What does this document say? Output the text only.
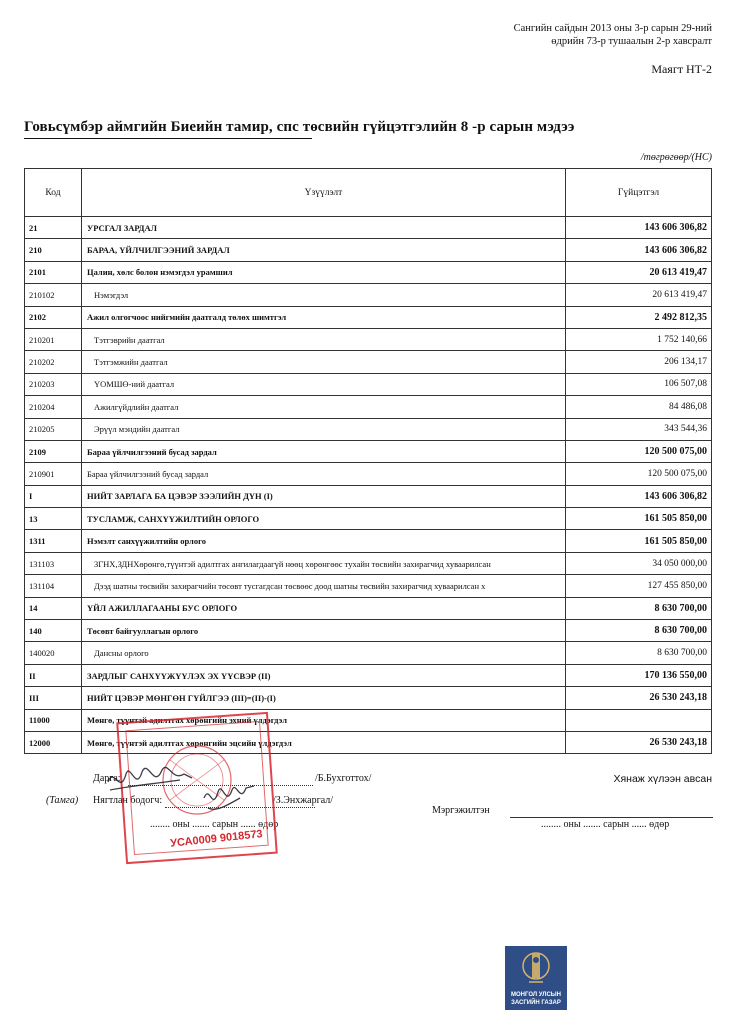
Сангийн сайдын 2013 оны 3-р сарын 29-ний
өдрийн 73-р тушаалын 2-р хавсралт
Маягт НТ-2
Говьсүмбэр аймгийн Биеийн тамир, спс төсвийн гүйцэтгэлийн 8 -р сарын мэдээ
/төгрөгөөр/(НС)
Код	Үзүүлэлт	Гүйцэтгэл
21	УРСГАЛ ЗАРДАЛ	143 606 306,82
210	БАРАА, ҮЙЛЧИЛГЭЭНИЙ ЗАРДАЛ	143 606 306,82
2101	Цалин, хөлс болон нэмэгдэл урамшил	20 613 419,47
210102	Нэмэгдэл	20 613 419,47
2102	Ажил олгогчоос нийгмийн даатгалд төлөх шимтгэл	2 492 812,35
210201	Тэтгэврийн даатгал	1 752 140,66
210202	Тэтгэмжийн даатгал	206 134,17
210203	ҮОМШӨ-ний даатгал	106 507,08
210204	Ажилгүйдлийн даатгал	84 486,08
210205	Эрүүл мэндийн даатгал	343 544,36
2109	Бараа үйлчилгээний бусад зардал	120 500 075,00
210901	Бараа үйлчилгээний бусад зардал	120 500 075,00
I	НИЙТ ЗАРЛАГА БА ЦЭВЭР ЗЭЭЛИЙН ДҮН (I)	143 606 306,82
13	ТУСЛАМЖ, САНХҮҮЖИЛТИЙН ОРЛОГО	161 505 850,00
1311	Нэмэлт санхүүжилтийн орлого	161 505 850,00
131103	ЗГНХ,ЗДНХөрөнгө,түүнтэй адилтгах ангилагдаагүй нөөц хөрөнгөөс тухайн төсвийн захирагчид хуваарилсан	34 050 000,00
131104	Дээд шатны төсвийн захирагчийн төсөвт тусгагдсан төсвөөс доод шатны төсвийн захирагчид хуваарилсан х	127 455 850,00
14	ҮЙЛ АЖИЛЛАГААНЫ БУС ОРЛОГО	8 630 700,00
140	Төсөвт байгууллагын орлого	8 630 700,00
140020	Дансны орлого	8 630 700,00
II	ЗАРДЛЫГ САНХҮҮЖҮҮЛЭХ ЭХ ҮҮСВЭР (II)	170 136 550,00
III	НИЙТ ЦЭВЭР МӨНГӨН ГҮЙЛГЭЭ (III)=(II)-(I)	26 530 243,18
11000	Мөнгө, түүнтэй адилтгах хөрөнгийн эхний үлдэгдэл	
12000	Мөнгө, түүнтэй адилтгах хөрөнгийн эцсийн үлдэгдэл	26 530 243,18
Дарга:	/Б.Бухготтох/
(Тамга) Нягтлан бодогч:	/З.Энхжаргал/
........ оны ....... сарын ...... өдөр
Хянаж хүлээн авсан
Мэргэжилтэн
........ оны ....... сарын ...... өдөр
УСА0009 9018573
МОНГОЛ УЛСЫН
ЗАСГИЙН ГАЗАР
